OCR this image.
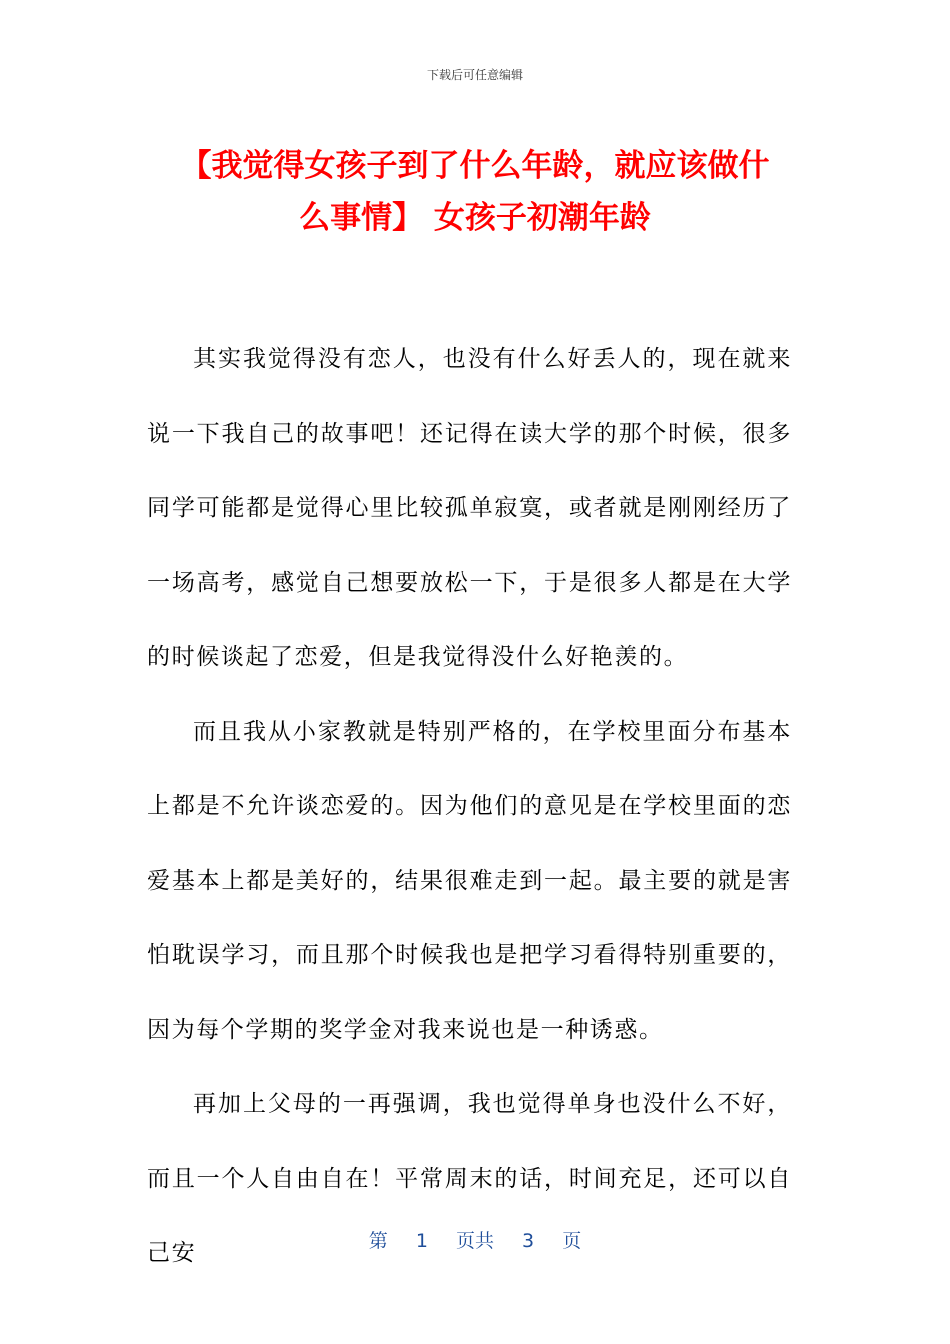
下载后可任意编辑
【我觉得女孩子到了什么年龄，就应该做什
么事情】 女孩子初潮年龄

其实我觉得没有恋人，也没有什么好丢人的，现在就来说一下我自己的故事吧！还记得在读大学的那个时候，很多同学可能都是觉得心里比较孤单寂寞，或者就是刚刚经历了一场高考，感觉自己想要放松一下，于是很多人都是在大学的时候谈起了恋爱，但是我觉得没什么好艳羡的。

而且我从小家教就是特别严格的，在学校里面分布基本上都是不允许谈恋爱的。因为他们的意见是在学校里面的恋爱基本上都是美好的，结果很难走到一起。最主要的就是害怕耽误学习，而且那个时候我也是把学习看得特别重要的，因为每个学期的奖学金对我来说也是一种诱惑。

再加上父母的一再强调，我也觉得单身也没什么不好，而且一个人自由自在！平常周末的话，时间充足，还可以自己安	第 1 页共 3 页
